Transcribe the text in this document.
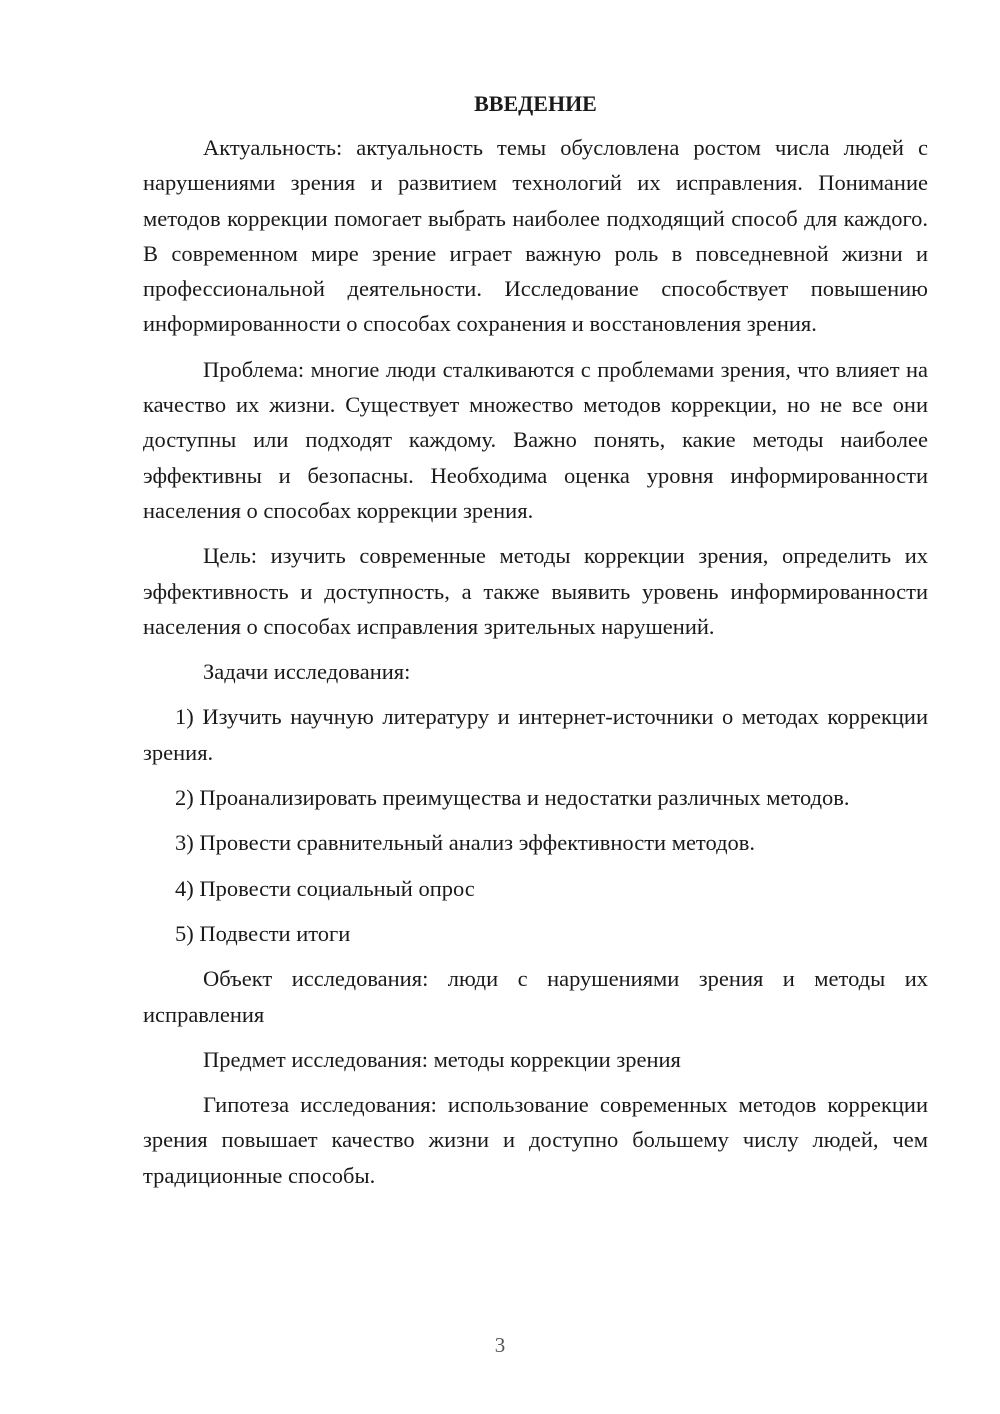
ВВЕДЕНИЕ

Актуальность: актуальность темы обусловлена ростом числа людей с нарушениями зрения и развитием технологий их исправления. Понимание методов коррекции помогает выбрать наиболее подходящий способ для каждого. В современном мире зрение играет важную роль в повседневной жизни и профессиональной деятельности. Исследование способствует повышению информированности о способах сохранения и восстановления зрения.

Проблема: многие люди сталкиваются с проблемами зрения, что влияет на качество их жизни. Существует множество методов коррекции, но не все они доступны или подходят каждому. Важно понять, какие методы наиболее эффективны и безопасны. Необходима оценка уровня информированности населения о способах коррекции зрения.

Цель: изучить современные методы коррекции зрения, определить их эффективность и доступность, а также выявить уровень информированности населения о способах исправления зрительных нарушений.

Задачи исследования:

1) Изучить научную литературу и интернет-источники о методах коррекции зрения.

2) Проанализировать преимущества и недостатки различных методов.

3) Провести сравнительный анализ эффективности методов.

4) Провести социальный опрос

5) Подвести итоги

Объект исследования: люди с нарушениями зрения и методы их исправления

Предмет исследования: методы коррекции зрения

Гипотеза исследования: использование современных методов коррекции зрения повышает качество жизни и доступно большему числу людей, чем традиционные способы.

3
